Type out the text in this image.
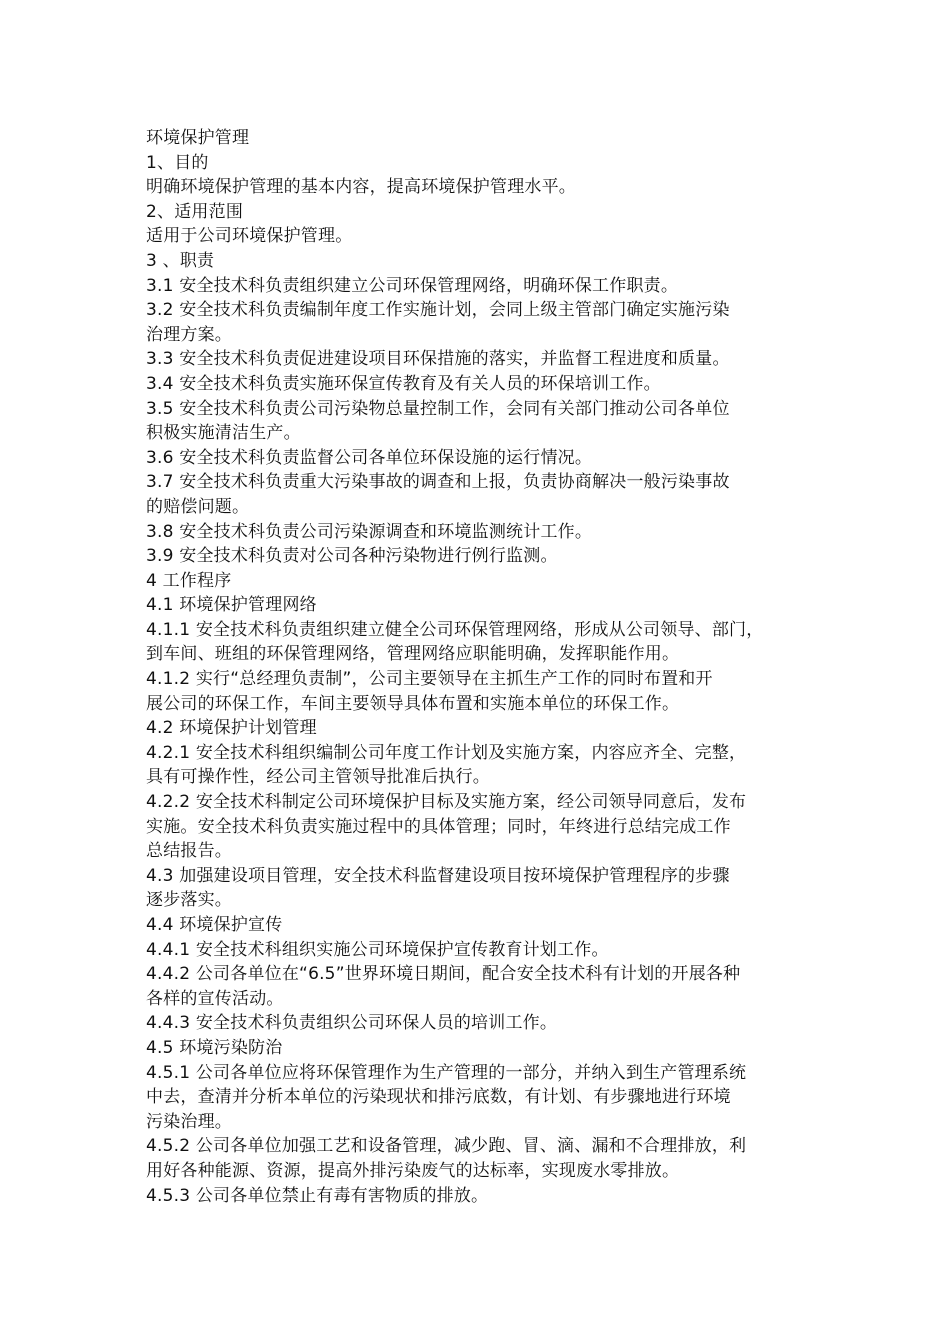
环境保护管理

1、目的

明确环境保护管理的基本内容，提高环境保护管理水平。

2、适用范围

适用于公司环境保护管理。

3 、职责

3.1 安全技术科负责组织建立公司环保管理网络，明确环保工作职责。

3.2 安全技术科负责编制年度工作实施计划，会同上级主管部门确定实施污染

治理方案。

3.3 安全技术科负责促进建设项目环保措施的落实，并监督工程进度和质量。

3.4 安全技术科负责实施环保宣传教育及有关人员的环保培训工作。

3.5 安全技术科负责公司污染物总量控制工作，会同有关部门推动公司各单位

积极实施清洁生产。

3.6 安全技术科负责监督公司各单位环保设施的运行情况。

3.7 安全技术科负责重大污染事故的调查和上报，负责协商解决一般污染事故

的赔偿问题。

3.8 安全技术科负责公司污染源调查和环境监测统计工作。

3.9 安全技术科负责对公司各种污染物进行例行监测。

4 工作程序

4.1 环境保护管理网络

4.1.1 安全技术科负责组织建立健全公司环保管理网络，形成从公司领导、部门，

到车间、班组的环保管理网络，管理网络应职能明确，发挥职能作用。

4.1.2 实行“总经理负责制”，公司主要领导在主抓生产工作的同时布置和开

展公司的环保工作，车间主要领导具体布置和实施本单位的环保工作。

4.2 环境保护计划管理

4.2.1 安全技术科组织编制公司年度工作计划及实施方案，内容应齐全、完整，

具有可操作性，经公司主管领导批准后执行。

4.2.2 安全技术科制定公司环境保护目标及实施方案，经公司领导同意后，发布

实施。安全技术科负责实施过程中的具体管理；同时，年终进行总结完成工作

总结报告。

4.3 加强建设项目管理，安全技术科监督建设项目按环境保护管理程序的步骤

逐步落实。

4.4 环境保护宣传

4.4.1 安全技术科组织实施公司环境保护宣传教育计划工作。

4.4.2 公司各单位在“6.5”世界环境日期间，配合安全技术科有计划的开展各种

各样的宣传活动。

4.4.3 安全技术科负责组织公司环保人员的培训工作。

4.5 环境污染防治

4.5.1 公司各单位应将环保管理作为生产管理的一部分，并纳入到生产管理系统

中去，查清并分析本单位的污染现状和排污底数，有计划、有步骤地进行环境

污染治理。

4.5.2 公司各单位加强工艺和设备管理，减少跑、冒、滴、漏和不合理排放，利

用好各种能源、资源，提高外排污染废气的达标率，实现废水零排放。

4.5.3 公司各单位禁止有毒有害物质的排放。
